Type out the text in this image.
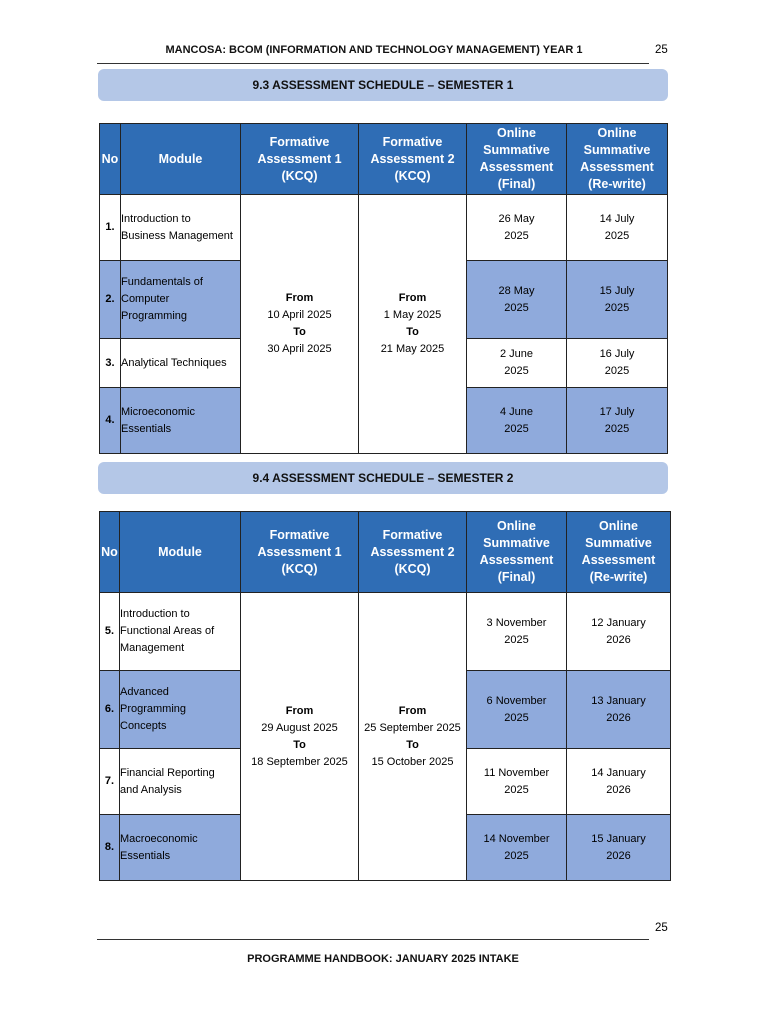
MANCOSA: BCOM (INFORMATION AND TECHNOLOGY MANAGEMENT) YEAR 1	25
9.3 ASSESSMENT SCHEDULE – SEMESTER 1
No	Module	Formative
Assessment 1
(KCQ)	Formative
Assessment 2
(KCQ)	Online
Summative
Assessment
(Final)	Online
Summative
Assessment
(Re-write)
1.	Introduction to
Business Management	From
10 April 2025
To
30 April 2025	From
1 May 2025
To
21 May 2025	26 May
2025	14 July
2025
2.	Fundamentals of
Computer
Programming			28 May
2025	15 July
2025
3.	Analytical Techniques			2 June
2025	16 July
2025
4.	Microeconomic
Essentials			4 June
2025	17 July
2025
9.4 ASSESSMENT SCHEDULE – SEMESTER 2
No	Module	Formative
Assessment 1
(KCQ)	Formative
Assessment 2
(KCQ)	Online
Summative
Assessment
(Final)	Online
Summative
Assessment
(Re-write)
5.	Introduction to
Functional Areas of
Management	From
29 August 2025
To
18 September 2025	From
25 September 2025
To
15 October 2025	3 November
2025	12 January
2026
6.	Advanced
Programming
Concepts			6 November
2025	13 January
2026
7.	Financial Reporting
and Analysis			11 November
2025	14 January
2026
8.	Macroeconomic
Essentials			14 November
2025	15 January
2026
25
PROGRAMME HANDBOOK: JANUARY 2025 INTAKE
